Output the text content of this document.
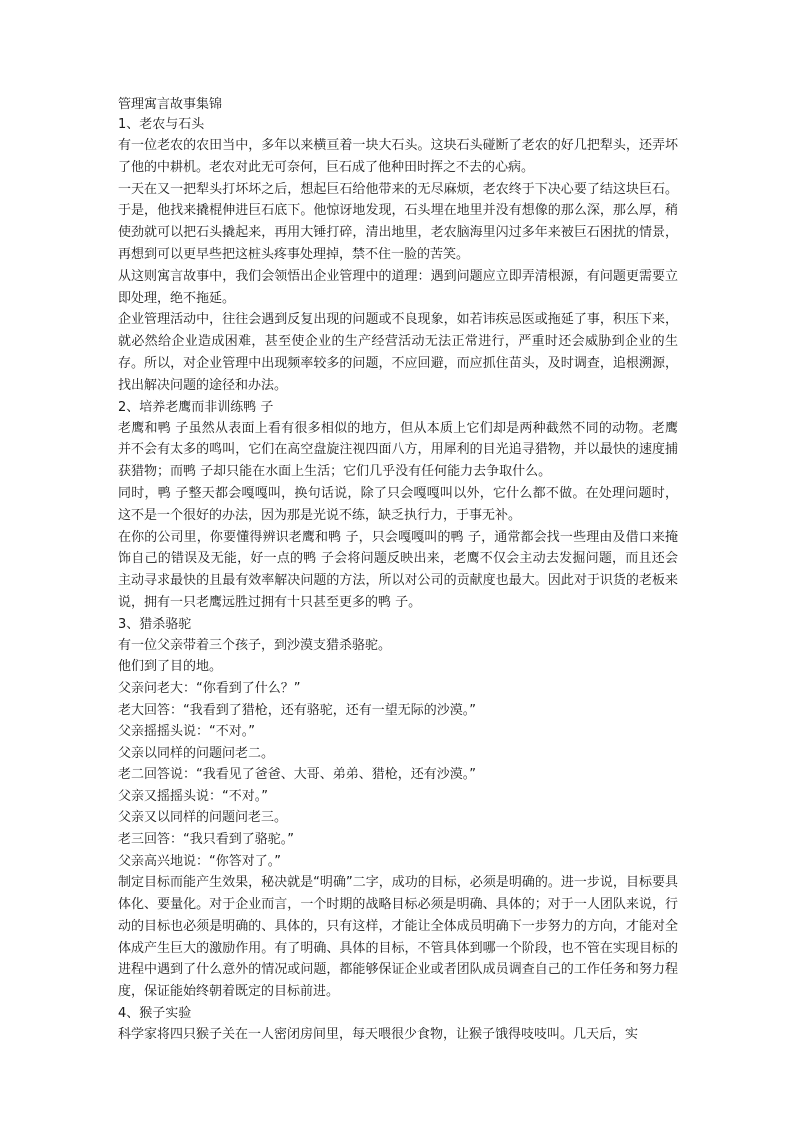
管理寓言故事集锦
1、老农与石头

有一位老农的农田当中，多年以来横亘着一块大石头。这块石头碰断了老农的好几把犁头，还弄坏了他的中耕机。老农对此无可奈何，巨石成了他种田时挥之不去的心病。

一天在又一把犁头打坏坏之后，想起巨石给他带来的无尽麻烦，老农终于下决心要了结这块巨石。于是，他找来撬棍伸进巨石底下。他惊讶地发现，石头埋在地里并没有想像的那么深，那么厚，稍使劲就可以把石头撬起来，再用大锤打碎，清出地里，老农脑海里闪过多年来被巨石困扰的情景，再想到可以更早些把这桩头疼事处理掉，禁不住一脸的苦笑。

从这则寓言故事中，我们会领悟出企业管理中的道理：遇到问题应立即弄清根源，有问题更需要立即处理，绝不拖延。

企业管理活动中，往往会遇到反复出现的问题或不良现象，如若讳疾忌医或拖延了事，积压下来，就必然给企业造成困难，甚至使企业的生产经营活动无法正常进行，严重时还会威胁到企业的生存。所以，对企业管理中出现频率较多的问题，不应回避，而应抓住苗头，及时调查，追根溯源，找出解决问题的途径和办法。

2、培养老鹰而非训练鸭 子

老鹰和鸭 子虽然从表面上看有很多相似的地方，但从本质上它们却是两种截然不同的动物。老鹰并不会有太多的鸣叫，它们在高空盘旋注视四面八方，用犀利的目光追寻猎物，并以最快的速度捕获猎物；而鸭 子却只能在水面上生活；它们几乎没有任何能力去争取什么。

同时，鸭 子整天都会嘎嘎叫，换句话说，除了只会嘎嘎叫以外，它什么都不做。在处理问题时，这不是一个很好的办法，因为那是光说不练，缺乏执行力，于事无补。

在你的公司里，你要懂得辨识老鹰和鸭 子，只会嘎嘎叫的鸭 子，通常都会找一些理由及借口来掩饰自己的错误及无能，好一点的鸭 子会将问题反映出来，老鹰不仅会主动去发掘问题，而且还会主动寻求最快的且最有效率解决问题的方法，所以对公司的贡献度也最大。因此对于识货的老板来说，拥有一只老鹰远胜过拥有十只甚至更多的鸭 子。

3、猎杀骆驼
有一位父亲带着三个孩子，到沙漠支猎杀骆驼。
他们到了目的地。
父亲问老大：“你看到了什么？”
老大回答：“我看到了猎枪，还有骆驼，还有一望无际的沙漠。”
父亲摇摇头说：“不对。”
父亲以同样的问题问老二。
老二回答说：“我看见了爸爸、大哥、弟弟、猎枪，还有沙漠。”
父亲又摇摇头说：“不对。”
父亲又以同样的问题问老三。
老三回答：“我只看到了骆驼。”
父亲高兴地说：“你答对了。”

制定目标而能产生效果，秘决就是“明确”二字，成功的目标，必须是明确的。进一步说，目标要具体化、要量化。对于企业而言，一个时期的战略目标必须是明确、具体的；对于一人团队来说，行动的目标也必须是明确的、具体的，只有这样，才能让全体成员明确下一步努力的方向，才能对全体成产生巨大的激励作用。有了明确、具体的目标，不管具体到哪一个阶段，也不管在实现目标的进程中遇到了什么意外的情况或问题，都能够保证企业或者团队成员调查自己的工作任务和努力程度，保证能始终朝着既定的目标前进。

4、猴子实验

科学家将四只猴子关在一人密闭房间里，每天喂很少食物，让猴子饿得吱吱叫。几天后，实
